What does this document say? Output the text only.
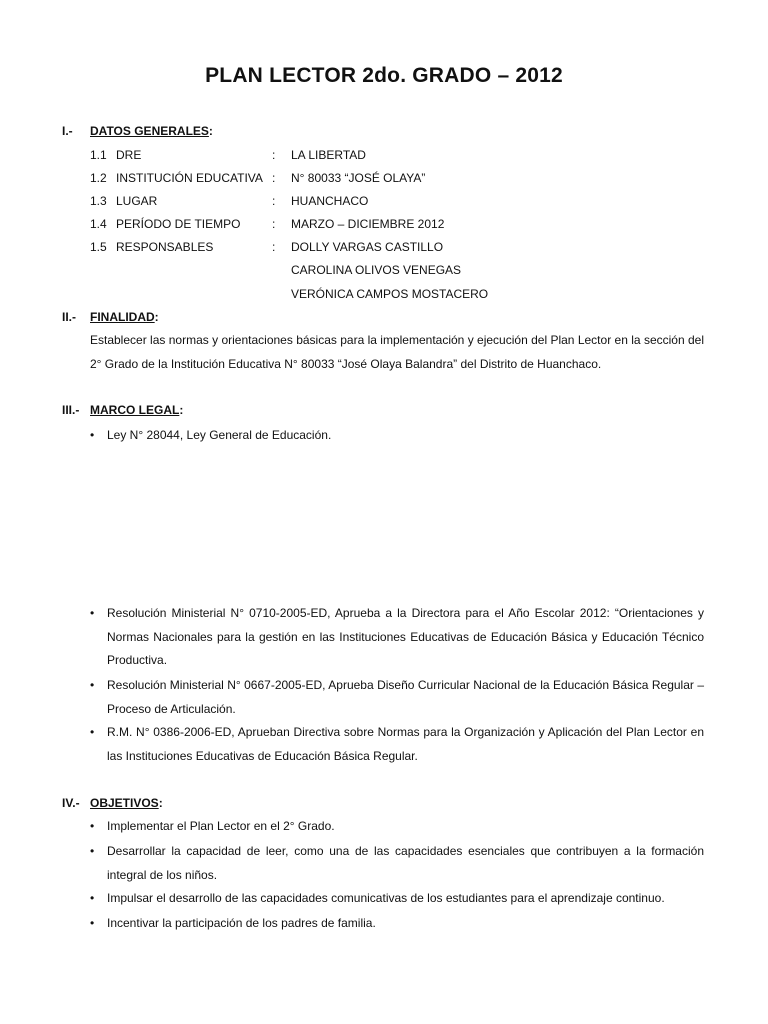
PLAN LECTOR 2do. GRADO – 2012
I.- DATOS GENERALES:
1.1 DRE	: LA LIBERTAD
1.2 INSTITUCIÓN EDUCATIVA : N° 80033 “JOSÉ OLAYA”
1.3 LUGAR	: HUANCHACO
1.4 PERÍODO DE TIEMPO	: MARZO – DICIEMBRE 2012
1.5 RESPONSABLES	: DOLLY VARGAS CASTILLO
CAROLINA OLIVOS VENEGAS
VERÓNICA CAMPOS MOSTACERO
II.- FINALIDAD:
Establecer las normas y orientaciones básicas para la implementación y ejecución del Plan Lector en la sección del 2° Grado de la Institución Educativa N° 80033 “José Olaya Balandra” del Distrito de Huanchaco.
III.- MARCO LEGAL:
• Ley N° 28044, Ley General de Educación.
• Resolución Ministerial N° 0710-2005-ED, Aprueba a la Directora para el Año Escolar 2012: “Orientaciones y Normas Nacionales para la gestión en las Instituciones Educativas de Educación Básica y Educación Técnico Productiva.
• Resolución Ministerial N° 0667-2005-ED, Aprueba Diseño Curricular Nacional de la Educación Básica Regular – Proceso de Articulación.
• R.M. N° 0386-2006-ED, Aprueban Directiva sobre Normas para la Organización y Aplicación del Plan Lector en las Instituciones Educativas de Educación Básica Regular.
IV.- OBJETIVOS:
• Implementar el Plan Lector en el 2° Grado.
• Desarrollar la capacidad de leer, como una de las capacidades esenciales que contribuyen a la formación integral de los niños.
• Impulsar el desarrollo de las capacidades comunicativas de los estudiantes para el aprendizaje continuo.
• Incentivar la participación de los padres de familia.
